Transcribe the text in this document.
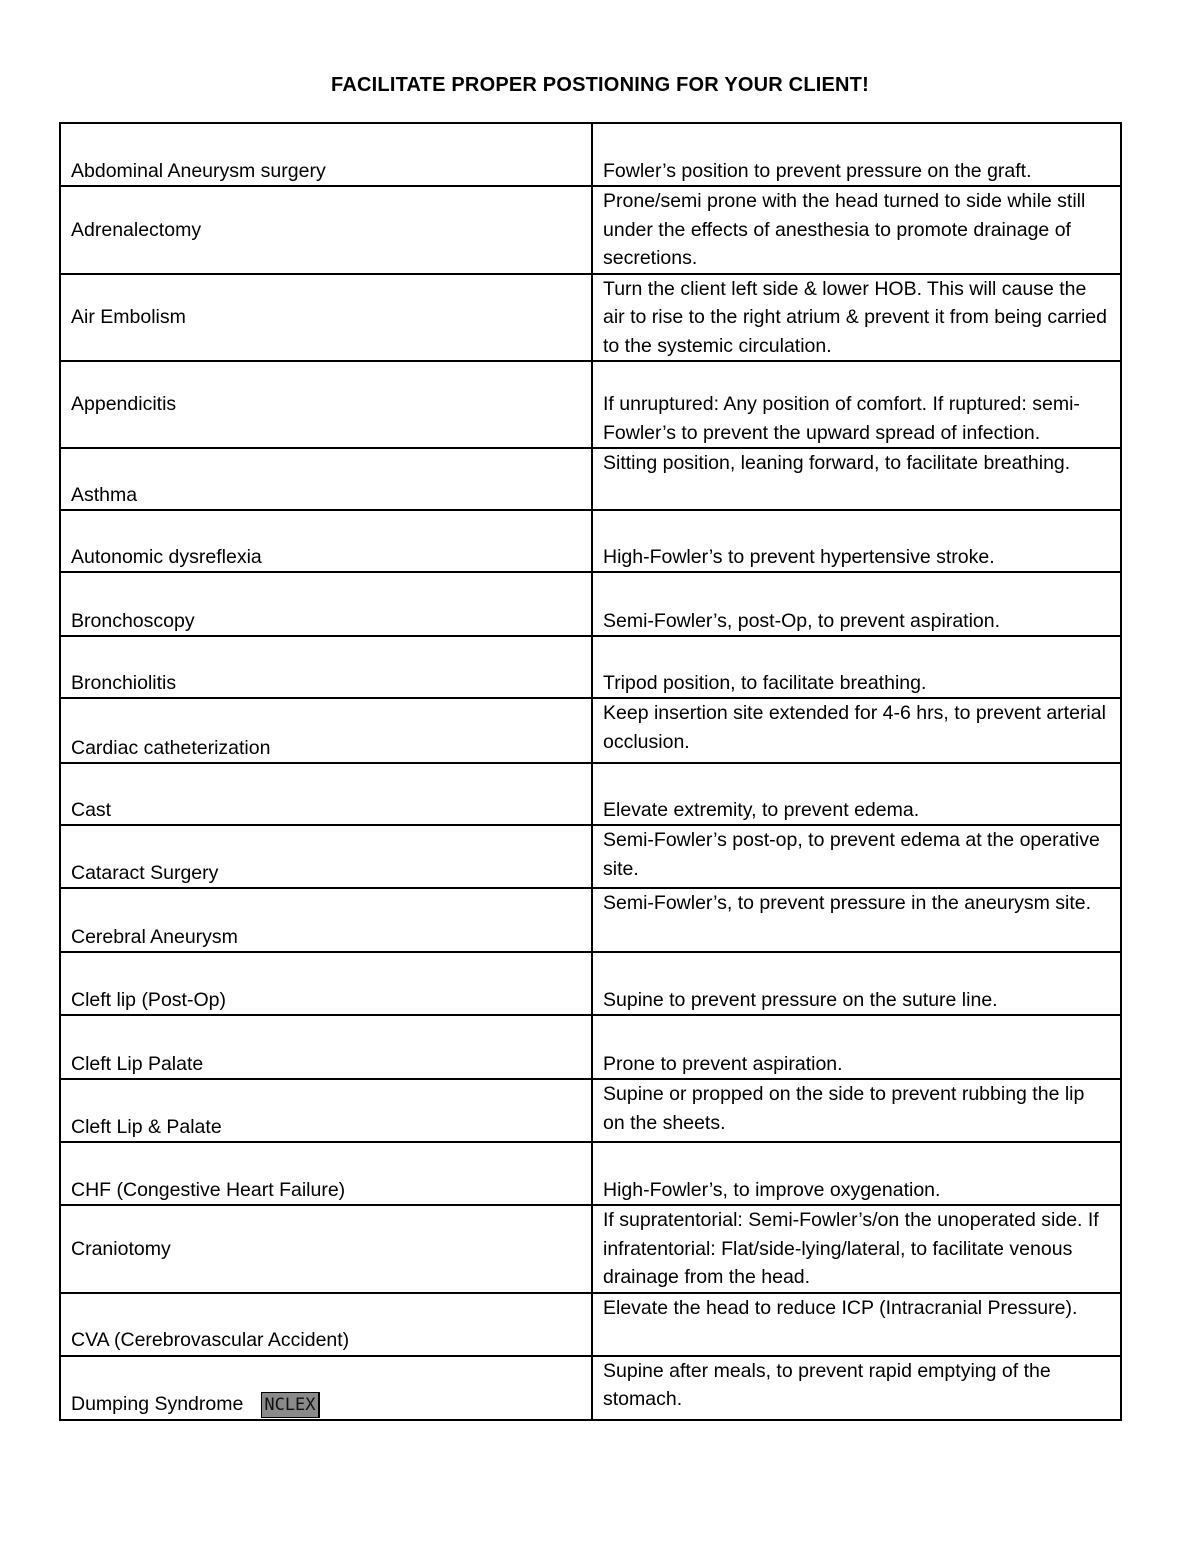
FACILITATE PROPER POSTIONING FOR YOUR CLIENT!
Abdominal Aneurysm surgery	Fowler’s position to prevent pressure on the graft.
Adrenalectomy	Prone/semi prone with the head turned to side while still under the effects of anesthesia to promote drainage of secretions.
Air Embolism	Turn the client left side & lower HOB. This will cause the air to rise to the right atrium & prevent it from being carried to the systemic circulation.
Appendicitis	If unruptured: Any position of comfort. If ruptured: semi-Fowler’s to prevent the upward spread of infection.
Asthma	Sitting position, leaning forward, to facilitate breathing.
Autonomic dysreflexia	High-Fowler’s to prevent hypertensive stroke.
Bronchoscopy	Semi-Fowler’s, post-Op, to prevent aspiration.
Bronchiolitis	Tripod position, to facilitate breathing.
Cardiac catheterization	Keep insertion site extended for 4-6 hrs, to prevent arterial occlusion.
Cast	Elevate extremity, to prevent edema.
Cataract Surgery	Semi-Fowler’s post-op, to prevent edema at the operative site.
Cerebral Aneurysm	Semi-Fowler’s, to prevent pressure in the aneurysm site.
Cleft lip (Post-Op)	Supine to prevent pressure on the suture line.
Cleft Lip Palate	Prone to prevent aspiration.
Cleft Lip & Palate	Supine or propped on the side to prevent rubbing the lip on the sheets.
CHF (Congestive Heart Failure)	High-Fowler’s, to improve oxygenation.
Craniotomy	If supratentorial: Semi-Fowler’s/on the unoperated side. If infratentorial: Flat/side-lying/lateral, to facilitate venous drainage from the head.
CVA (Cerebrovascular Accident)	Elevate the head to reduce ICP (Intracranial Pressure).
Dumping Syndrome NCLEX	Supine after meals, to prevent rapid emptying of the stomach.
